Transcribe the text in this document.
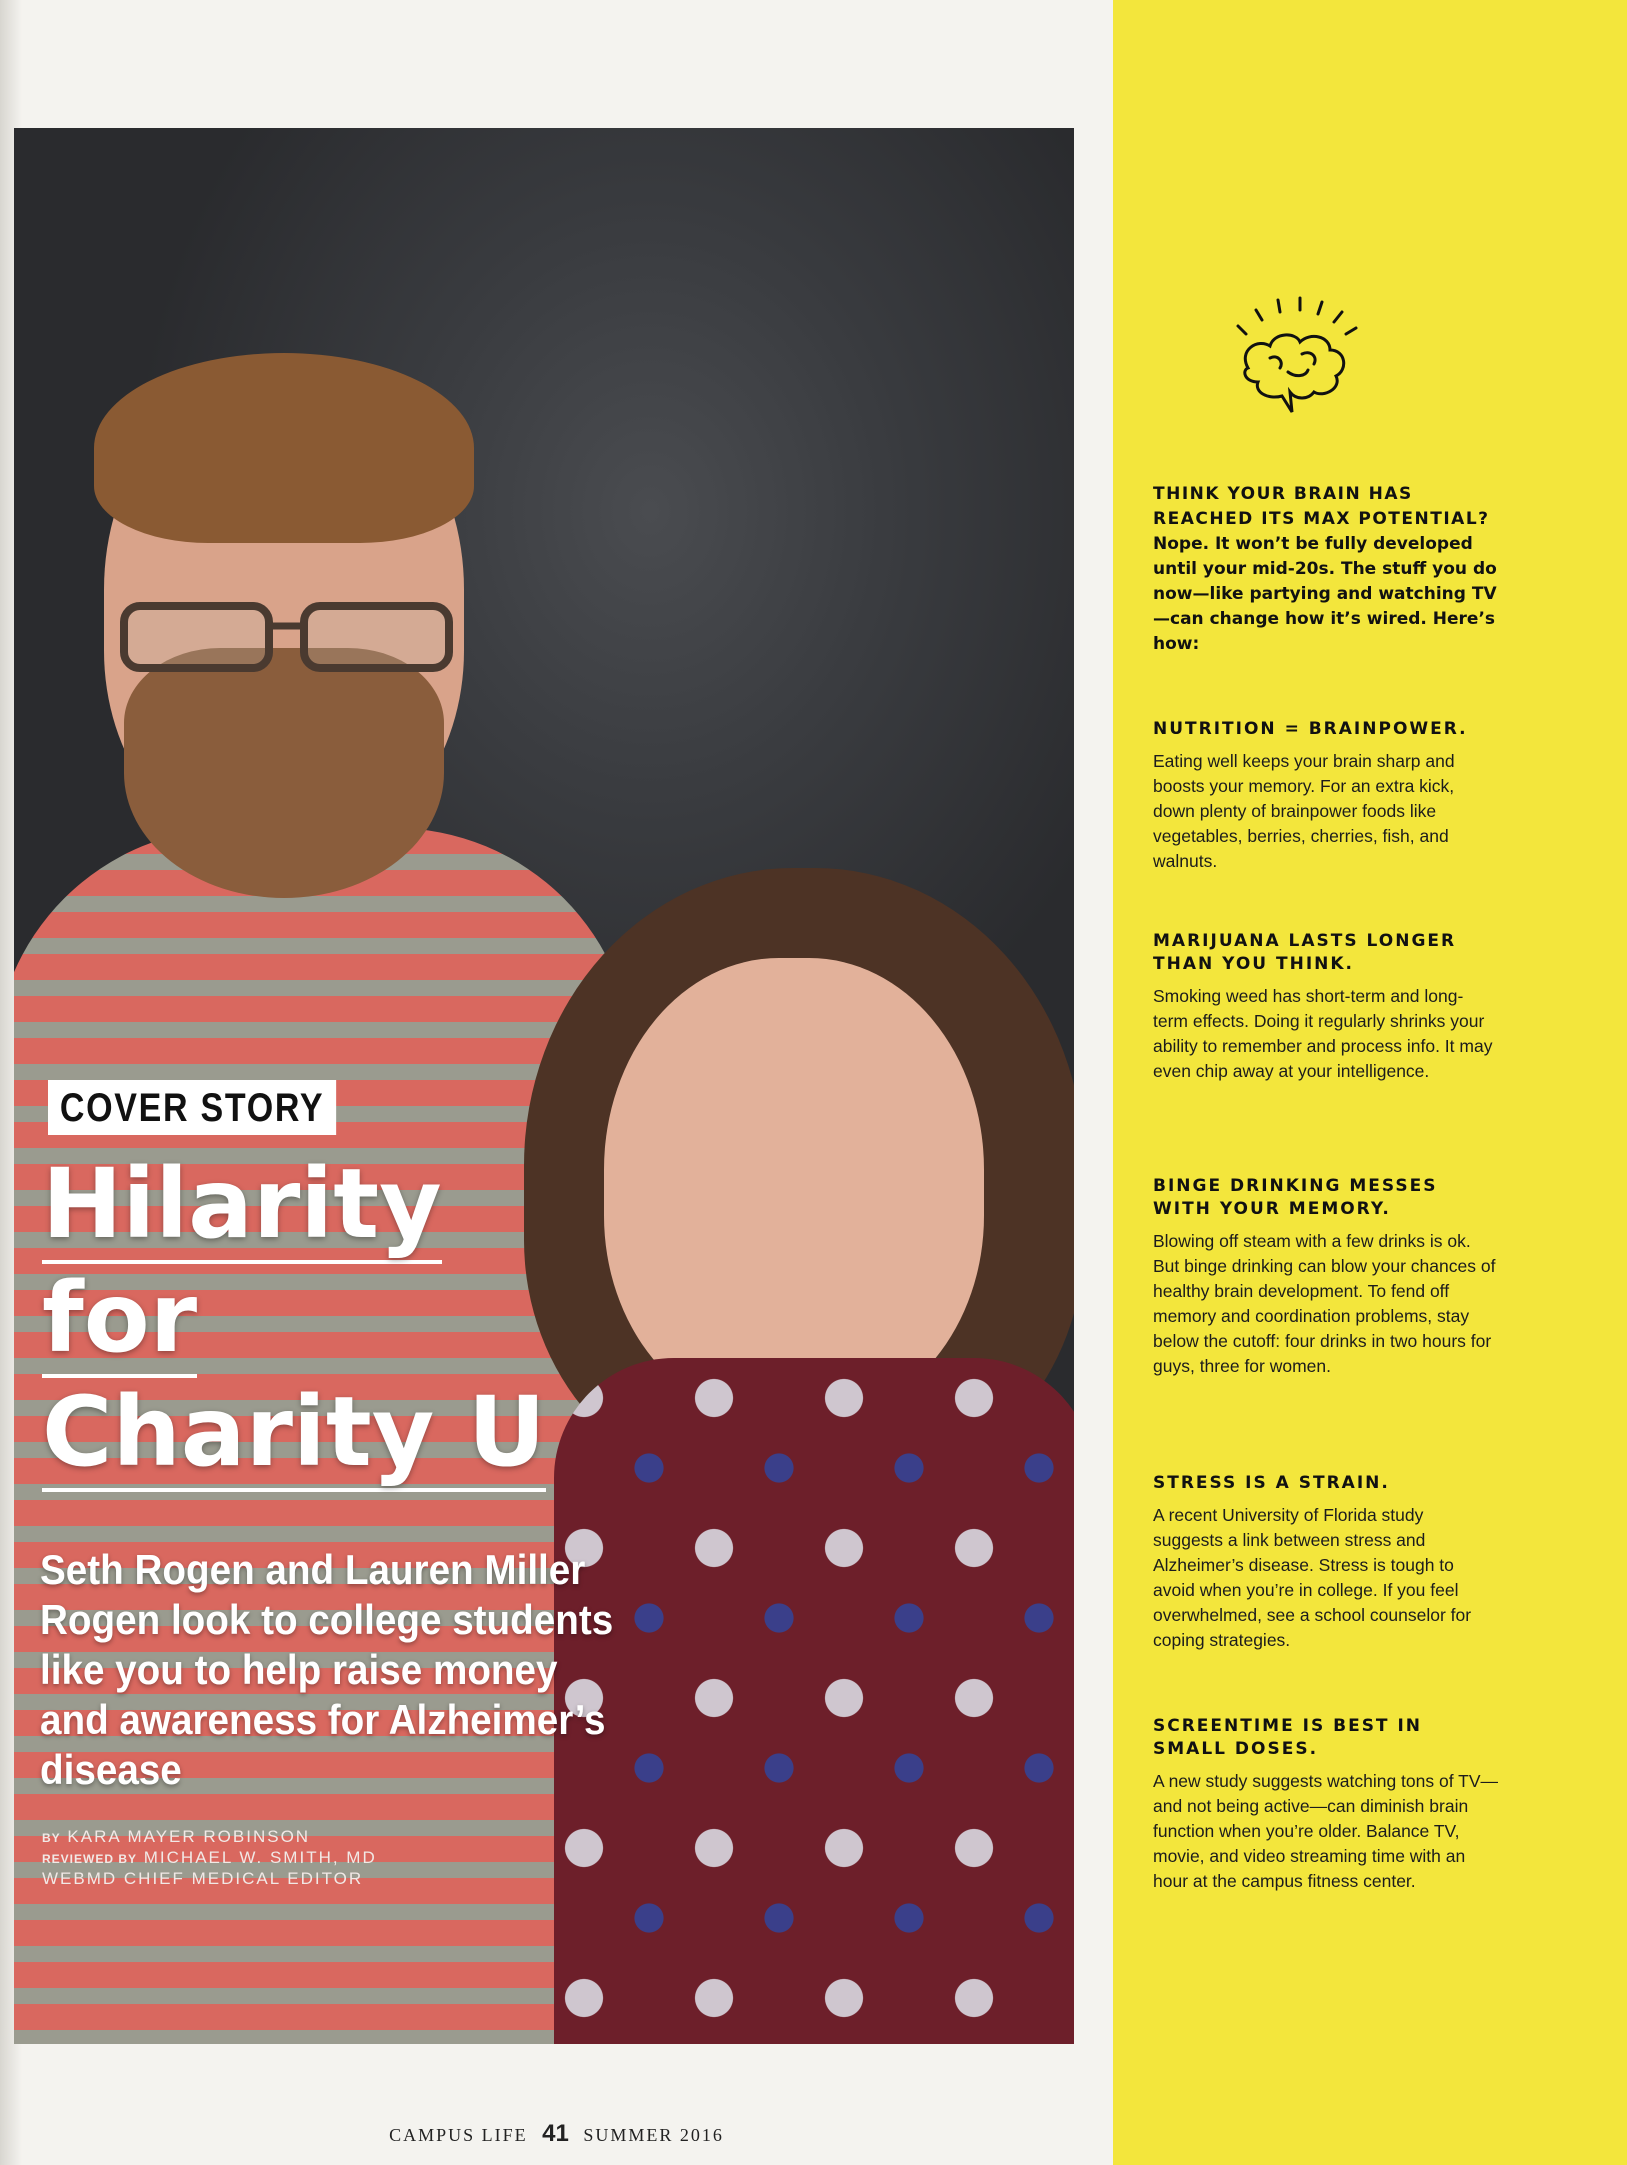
COVER STORY
Hilarity
for
Charity U
Seth Rogen and Lauren Miller Rogen look to college students like you to help raise money and awareness for Alzheimer’s disease
BY KARA MAYER ROBINSON
REVIEWED BY MICHAEL W. SMITH, MD
WEBMD CHIEF MEDICAL EDITOR
THINK YOUR BRAIN HAS REACHED ITS MAX POTENTIAL? Nope. It won’t be fully developed until your mid-20s. The stuff you do now—like partying and watching TV—can change how it’s wired. Here’s how:
NUTRITION = BRAINPOWER.
Eating well keeps your brain sharp and boosts your memory. For an extra kick, down plenty of brainpower foods like vegetables, berries, cherries, fish, and walnuts.
MARIJUANA LASTS LONGER THAN YOU THINK.
Smoking weed has short-term and long-term effects. Doing it regularly shrinks your ability to remember and process info. It may even chip away at your intelligence.
BINGE DRINKING MESSES WITH YOUR MEMORY.
Blowing off steam with a few drinks is ok. But binge drinking can blow your chances of healthy brain development. To fend off memory and coordination problems, stay below the cutoff: four drinks in two hours for guys, three for women.
STRESS IS A STRAIN.
A recent University of Florida study suggests a link between stress and Alzheimer’s disease. Stress is tough to avoid when you’re in college. If you feel overwhelmed, see a school counselor for coping strategies.
SCREENTIME IS BEST IN SMALL DOSES.
A new study suggests watching tons of TV—and not being active—can diminish brain function when you’re older. Balance TV, movie, and video streaming time with an hour at the campus fitness center.
CAMPUS LIFE 41 SUMMER 2016
